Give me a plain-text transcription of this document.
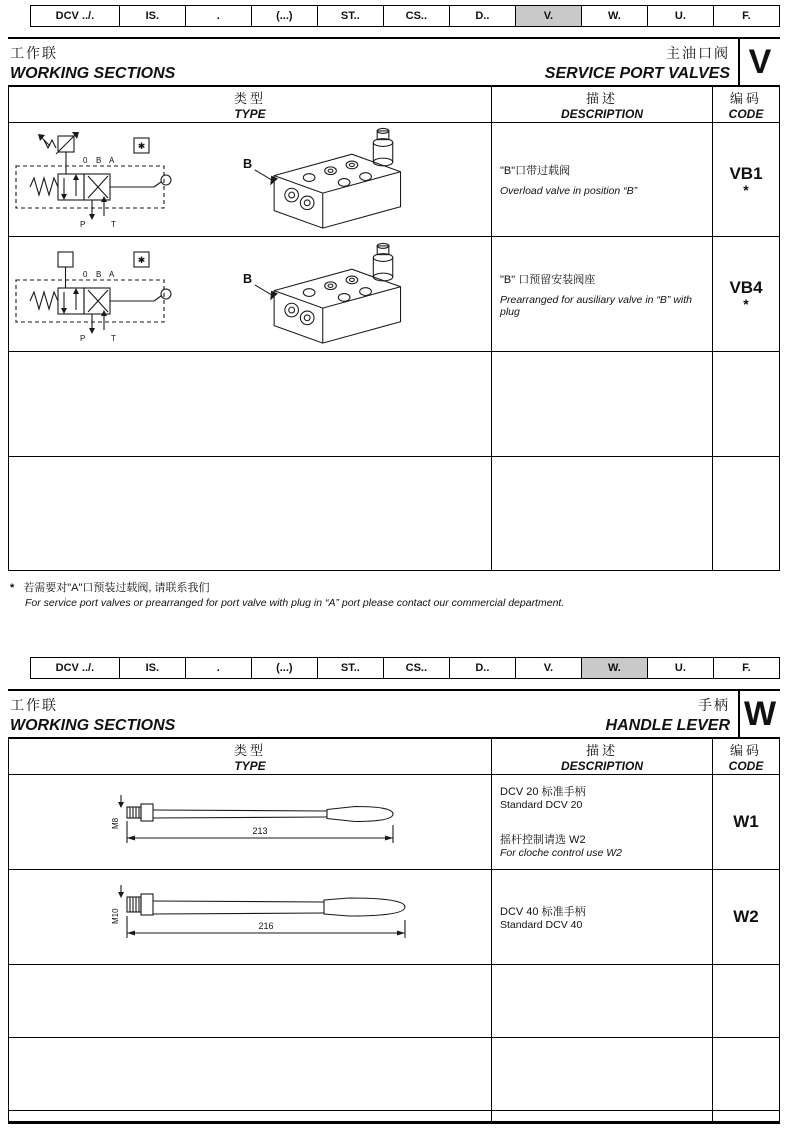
DCV ../.	IS.	.	(...)	ST..	CS..	D..	V.	W.	U.	F.
工作联
WORKING SECTIONS
主油口阀
SERVICE PORT VALVES V
类型
TYPE
描述
DESCRIPTION
编码
CODE
0 B A
P	T
✱
B
"B"口带过载阀
Overload valve in position “B”
VB1
*
0 B A
P	T
✱
B	"B" 口预留安装阀座
Prearranged for ausiliary valve in “B” with plug
VB4
*
* 若需要对"A"口预装过载阀, 请联系我们
For service port valves or prearranged for port valve with plug in “A” port please contact our commercial department.
DCV ../.	IS.	.	(...)	ST..	CS..	D..	V.	W.	U.	F.
工作联
WORKING SECTIONS
手柄
HANDLE LEVER W
类型
TYPE
描述
DESCRIPTION
编码
CODE
M8
213
DCV 20 标准手柄
Standard DCV 20
摇杆控制请选 W2
For cloche control use W2
W1
M10
216
DCV 40 标准手柄
Standard DCV 40	W2
